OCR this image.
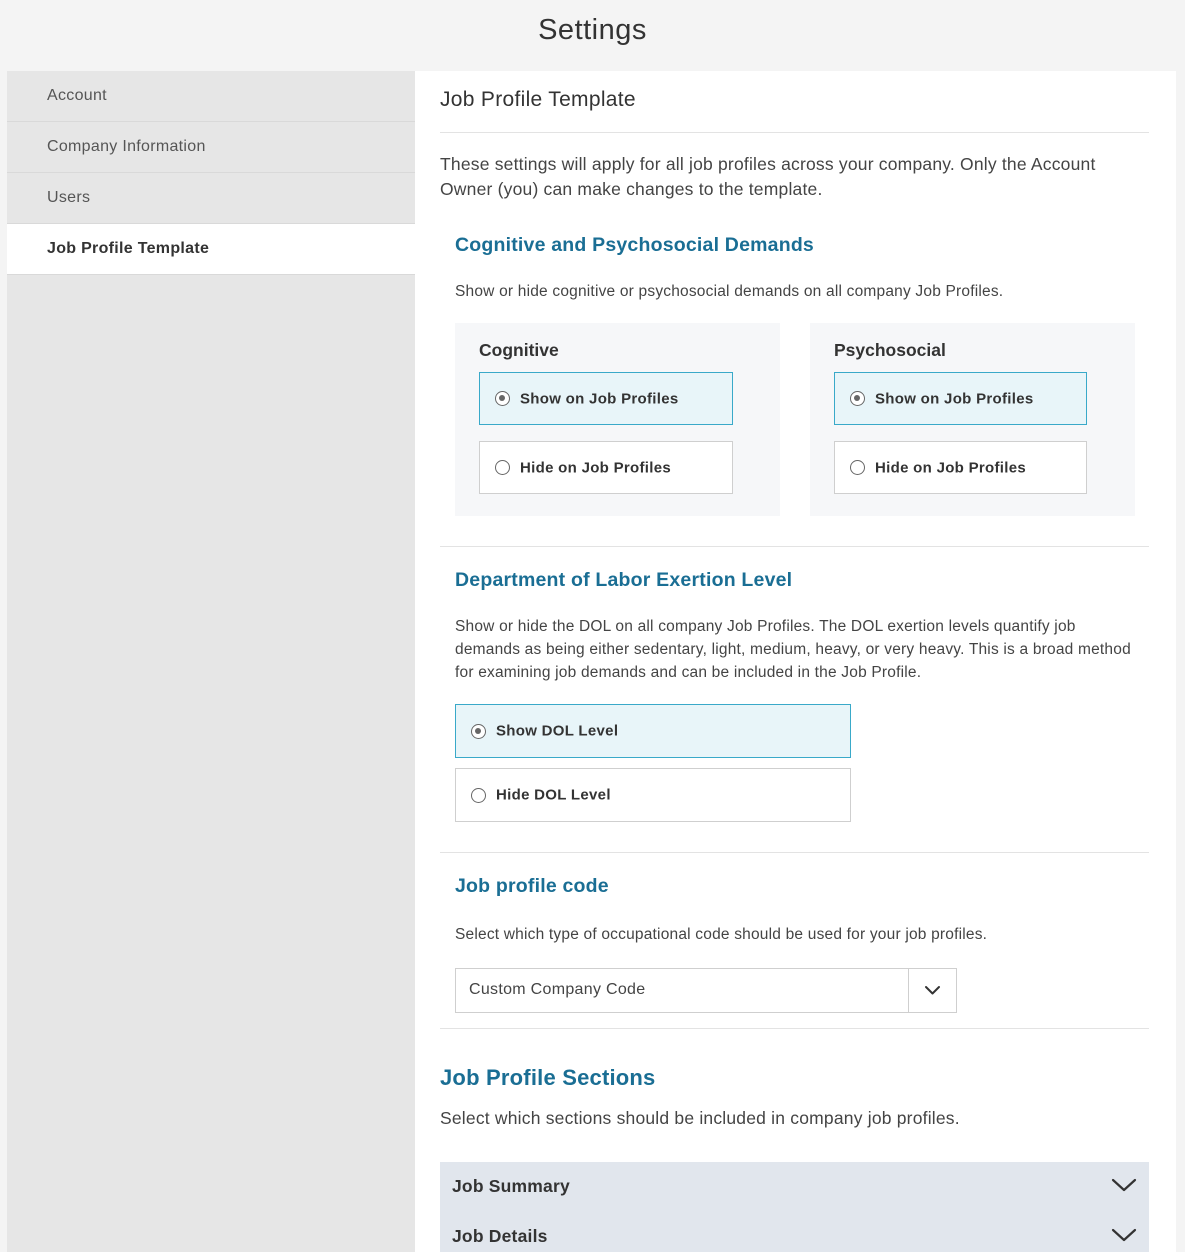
Settings
Account
Company Information
Users
Job Profile Template
Job Profile Template
These settings will apply for all job profiles across your company. Only the Account Owner (you) can make changes to the template.
Cognitive and Psychosocial Demands
Show or hide cognitive or psychosocial demands on all company Job Profiles.
Cognitive
Show on Job Profiles
Hide on Job Profiles
Psychosocial
Show on Job Profiles
Hide on Job Profiles
Department of Labor Exertion Level
Show or hide the DOL on all company Job Profiles. The DOL exertion levels quantify job demands as being either sedentary, light, medium, heavy, or very heavy. This is a broad method for examining job demands and can be included in the Job Profile.
Show DOL Level
Hide DOL Level
Job profile code
Select which type of occupational code should be used for your job profiles.
Custom Company Code
Job Profile Sections
Select which sections should be included in company job profiles.
Job Summary
Job Details
